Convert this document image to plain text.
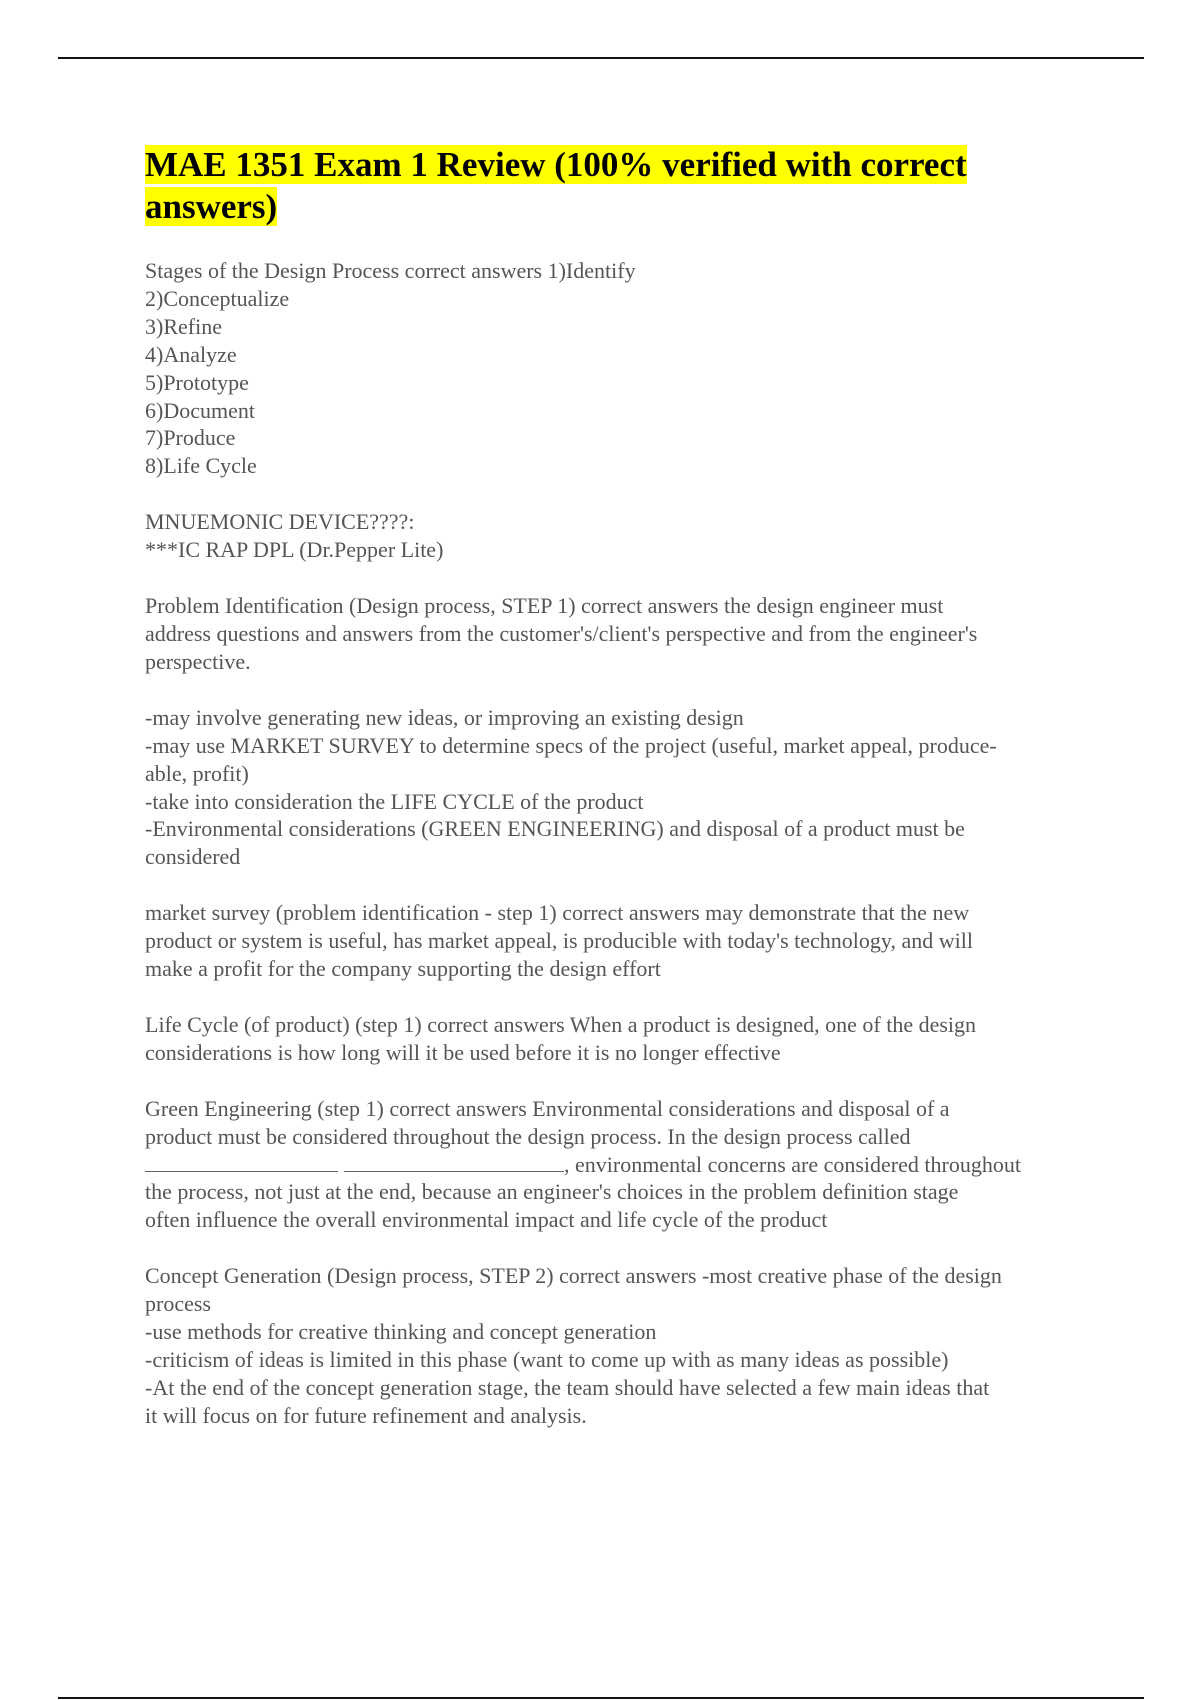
MAE 1351 Exam 1 Review (100% verified with correct answers)
Stages of the Design Process correct answers 1)Identify
2)Conceptualize
3)Refine
4)Analyze
5)Prototype
6)Document
7)Produce
8)Life Cycle
MNUEMONIC DEVICE????:
***IC RAP DPL (Dr.Pepper Lite)
Problem Identification (Design process, STEP 1) correct answers the design engineer must
address questions and answers from the customer's/client's perspective and from the engineer's
perspective.
-may involve generating new ideas, or improving an existing design
-may use MARKET SURVEY to determine specs of the project (useful, market appeal, produce-
able, profit)
-take into consideration the LIFE CYCLE of the product
-Environmental considerations (GREEN ENGINEERING) and disposal of a product must be
considered
market survey (problem identification - step 1) correct answers may demonstrate that the new
product or system is useful, has market appeal, is producible with today's technology, and will
make a profit for the company supporting the design effort
Life Cycle (of product) (step 1) correct answers When a product is designed, one of the design
considerations is how long will it be used before it is no longer effective
Green Engineering (step 1) correct answers Environmental considerations and disposal of a
product must be considered throughout the design process. In the design process called
, environmental concerns are considered throughout
the process, not just at the end, because an engineer's choices in the problem definition stage
often influence the overall environmental impact and life cycle of the product
Concept Generation (Design process, STEP 2) correct answers -most creative phase of the design
process
-use methods for creative thinking and concept generation
-criticism of ideas is limited in this phase (want to come up with as many ideas as possible)
-At the end of the concept generation stage, the team should have selected a few main ideas that
it will focus on for future refinement and analysis.
